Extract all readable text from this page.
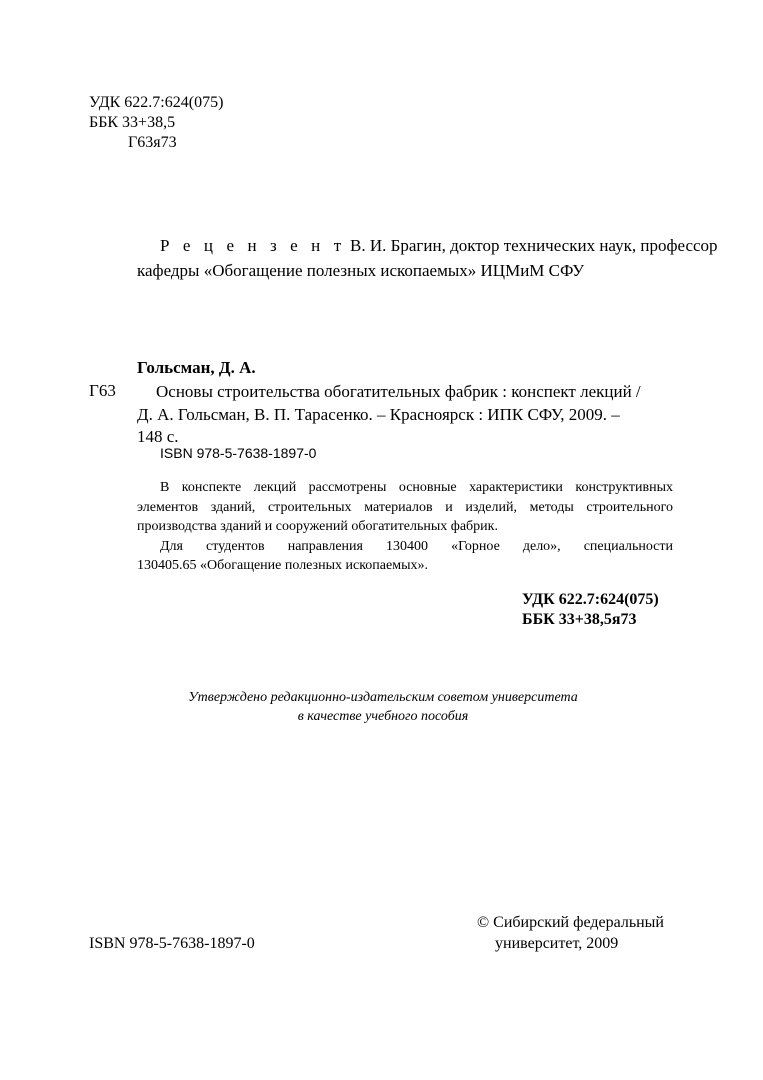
УДК 622.7:624(075)
ББК 33+38,5
Г63я73
Р е ц е н з е н т В. И. Брагин, доктор технических наук, профессор
кафедры «Обогащение полезных ископаемых» ИЦМиМ СФУ
Гольсман, Д. А.
Г63	Основы строительства обогатительных фабрик : конспект лекций /
Д. А. Гольсман, В. П. Тарасенко. – Красноярск : ИПК СФУ, 2009. –
148 с.
ISBN 978-5-7638-1897-0
В конспекте лекций рассмотрены основные характеристики конструктивных
элементов зданий, строительных материалов и изделий, методы строительного
производства зданий и сооружений обогатительных фабрик.
Для студентов направления 130400 «Горное дело», специальности
130405.65 «Обогащение полезных ископаемых».
УДК 622.7:624(075)
ББК 33+38,5я73
Утверждено редакционно-издательским советом университета
в качестве учебного пособия
ISBN 978-5-7638-1897-0
© Сибирский федеральный
университет, 2009
